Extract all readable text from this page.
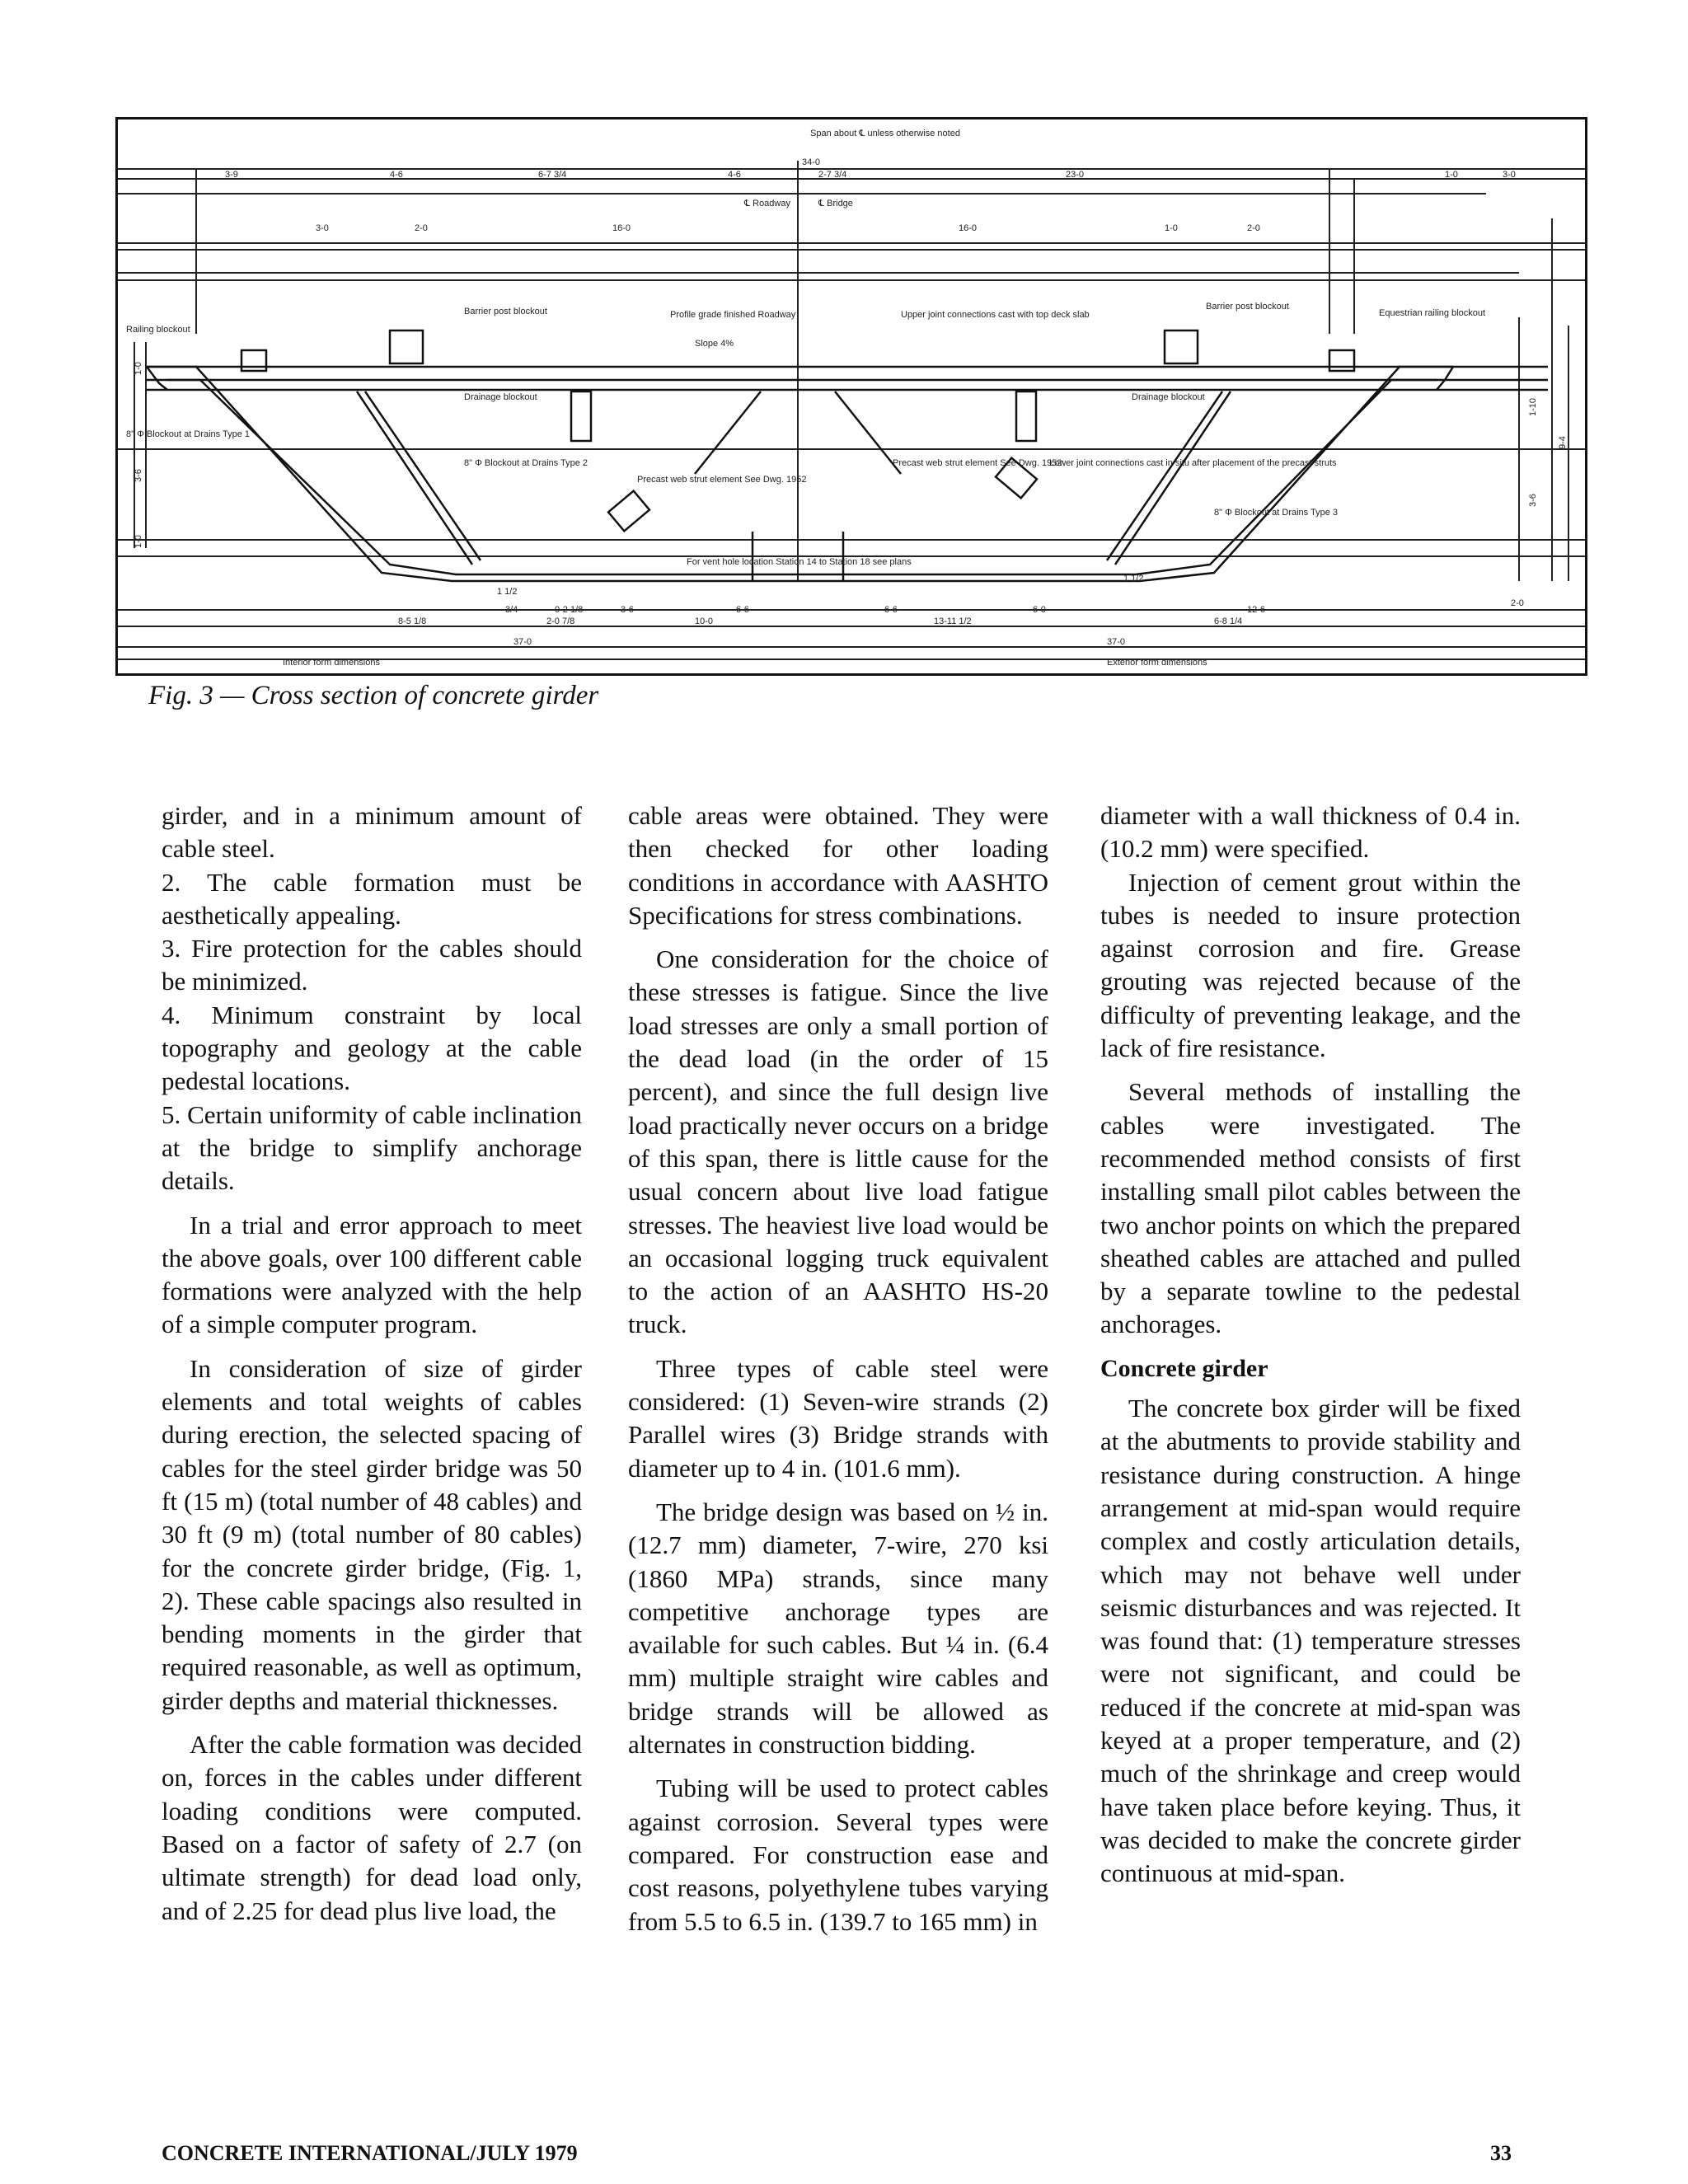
Span about ℄ unless otherwise noted
34-0
3-9	4-6	6-7 3/4	4-6	2-7 3/4	23-0	1-0	3-0
℄ Roadway	℄ Bridge
3-0	2-0	16-0	16-0	1-0	2-0
Railing blockout
Barrier post blockout	Profile grade finished Roadway	Upper joint connections cast with top deck slab
Barrier post blockout
Equestrian railing blockout
Slope 4%
Drainage blockout	Drainage blockout
8" Φ Blockout at Drains Type 1
8" Φ Blockout at Drains Type 2
8" Φ Blockout at Drains Type 3
Precast web strut element See Dwg. 1952
Precast web strut element See Dwg. 1952
Lower joint connections cast in situ after placement of the precast struts
For vent hole location Station 14 to Station 18 see plans
1 1/2
3/4	0-2 1/8	3-6	6-6	6-6	6-0	12-6
2-0
8-5 1/8	2-0 7/8	10-0	13-11 1/2	6-8 1/4
37-0	37-0
1 1/2
Interior form dimensions	Exterior form dimensions
1-10
3-6
9-4
1-0
3-6
1-0
Fig. 3 — Cross section of concrete girder

girder, and in a minimum amount of cable steel.

2. The cable formation must be aesthetically appealing.

3. Fire protection for the cables should be minimized.

4. Minimum constraint by local topography and geology at the cable pedestal locations.

5. Certain uniformity of cable inclination at the bridge to simplify anchorage details.

In a trial and error approach to meet the above goals, over 100 different cable formations were analyzed with the help of a simple computer program.

In consideration of size of girder elements and total weights of cables during erection, the selected spacing of cables for the steel girder bridge was 50 ft (15 m) (total number of 48 cables) and 30 ft (9 m) (total number of 80 cables) for the concrete girder bridge, (Fig. 1, 2). These cable spacings also resulted in bending moments in the girder that required reasonable, as well as optimum, girder depths and material thicknesses.

After the cable formation was decided on, forces in the cables under different loading conditions were computed. Based on a factor of safety of 2.7 (on ultimate strength) for dead load only, and of 2.25 for dead plus live load, the

cable areas were obtained. They were then checked for other loading conditions in accordance with AASHTO Specifications for stress combinations.

One consideration for the choice of these stresses is fatigue. Since the live load stresses are only a small portion of the dead load (in the order of 15 percent), and since the full design live load practically never occurs on a bridge of this span, there is little cause for the usual concern about live load fatigue stresses. The heaviest live load would be an occasional logging truck equivalent to the action of an AASHTO HS-20 truck.

Three types of cable steel were considered: (1) Seven-wire strands (2) Parallel wires (3) Bridge strands with diameter up to 4 in. (101.6 mm).

The bridge design was based on ½ in. (12.7 mm) diameter, 7-wire, 270 ksi (1860 MPa) strands, since many competitive anchorage types are available for such cables. But ¼ in. (6.4 mm) multiple straight wire cables and bridge strands will be allowed as alternates in construction bidding.

Tubing will be used to protect cables against corrosion. Several types were compared. For construction ease and cost reasons, polyethylene tubes varying from 5.5 to 6.5 in. (139.7 to 165 mm) in

diameter with a wall thickness of 0.4 in. (10.2 mm) were specified.

Injection of cement grout within the tubes is needed to insure protection against corrosion and fire. Grease grouting was rejected because of the difficulty of preventing leakage, and the lack of fire resistance.

Several methods of installing the cables were investigated. The recommended method consists of first installing small pilot cables between the two anchor points on which the prepared sheathed cables are attached and pulled by a separate towline to the pedestal anchorages.

Concrete girder

The concrete box girder will be fixed at the abutments to provide stability and resistance during construction. A hinge arrangement at mid-span would require complex and costly articulation details, which may not behave well under seismic disturbances and was rejected. It was found that: (1) temperature stresses were not significant, and could be reduced if the concrete at mid-span was keyed at a proper temperature, and (2) much of the shrinkage and creep would have taken place before keying. Thus, it was decided to make the concrete girder continuous at mid-span.

CONCRETE INTERNATIONAL/JULY 1979	33
